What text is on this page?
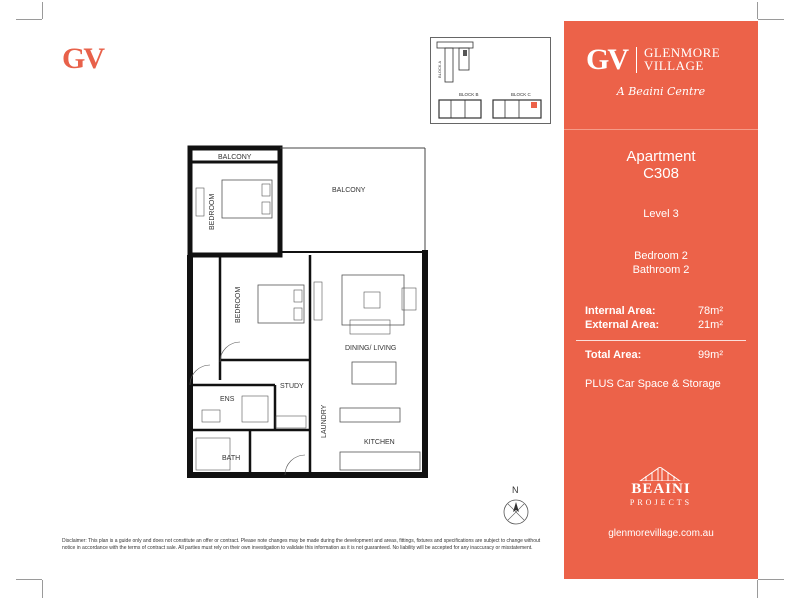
GV	BLOCK A
BLOCK B	BLOCK C
BALCONY
BALCONY
BEDROOM
BEDROOM
DINING/ LIVING
STUDY
ENS
LAUNDRY
KITCHEN
BATH
N
Disclaimer: This plan is a guide only and does not constitute an offer or contract. Please note changes may be made during the development and areas, fittings, fixtures and specifications are subject to change without notice in accordance with the terms of contract sale. All parties must rely on their own investigation to validate this information as it is not guaranteed. No liability will be accepted for any inaccuracy or misstatement.
GV GLENMORE
VILLAGE
A Beaini Centre
Apartment
C308
Level 3
Bedroom 2
Bathroom 2
Internal Area:	78m²
External Area:	21m²
Total Area:	99m²
PLUS Car Space & Storage
BEAINI
PROJECTS
glenmorevillage.com.au
